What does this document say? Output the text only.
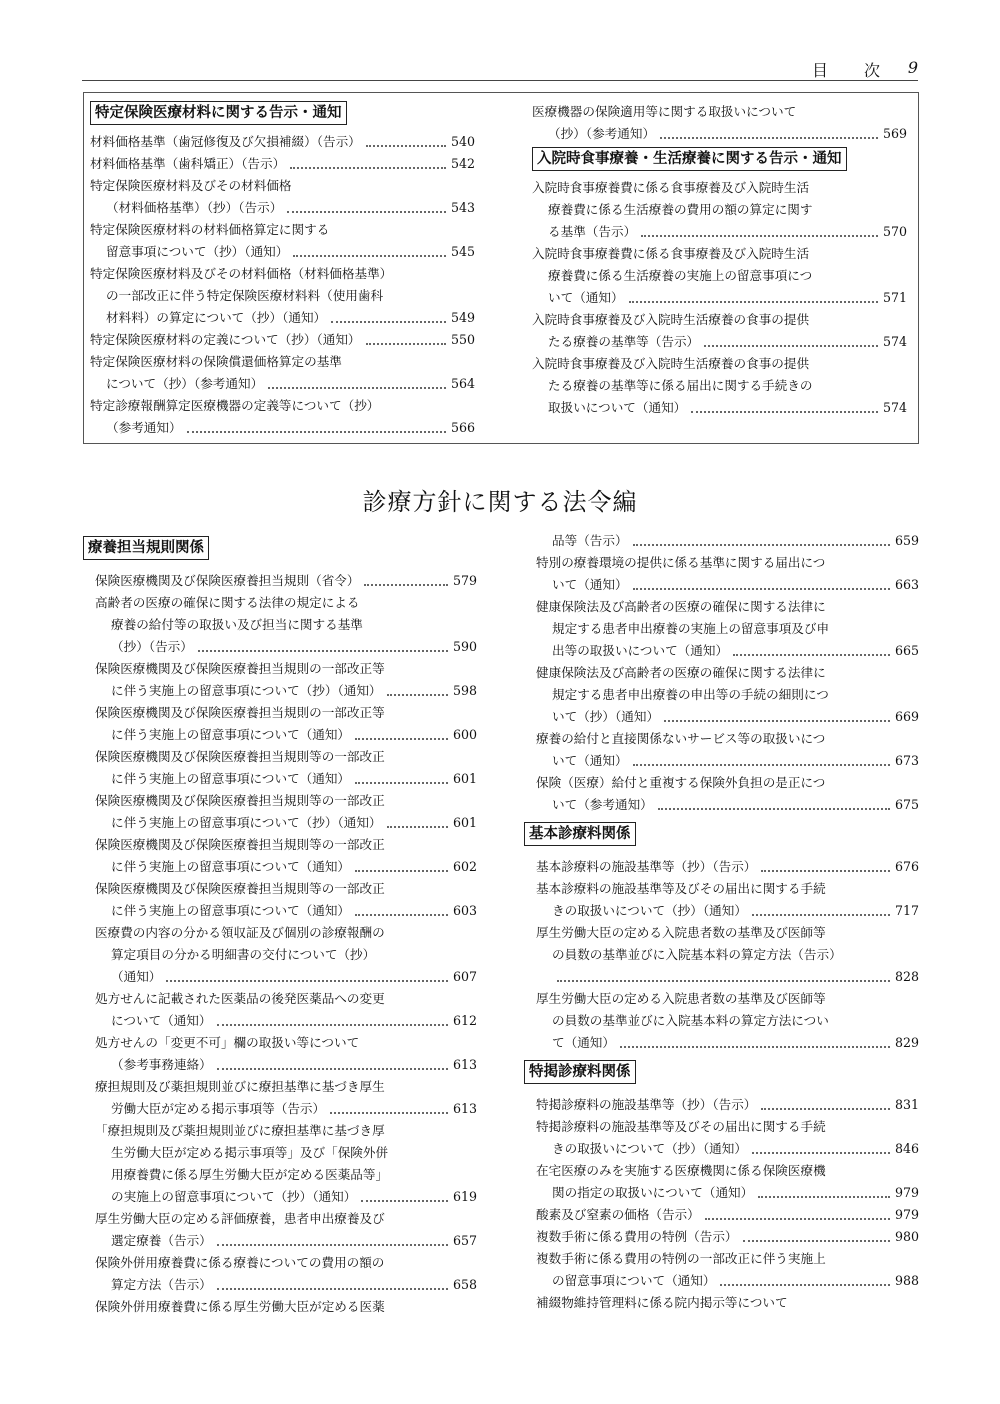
目　次 9
特定保険医療材料に関する告示・通知

材料価格基準（歯冠修復及び欠損補綴）（告示）	540
材料価格基準（歯科矯正）（告示）	542
特定保険医療材料及びその材料価格
（材料価格基準）（抄）（告示）	543
特定保険医療材料の材料価格算定に関する
留意事項について（抄）（通知）	545
特定保険医療材料及びその材料価格（材料価格基準）
の一部改正に伴う特定保険医療材料料（使用歯科
材料料）の算定について（抄）（通知）	549
特定保険医療材料の定義について（抄）（通知）	550
特定保険医療材料の保険償還価格算定の基準
について（抄）（参考通知）	564
特定診療報酬算定医療機器の定義等について（抄）
（参考通知）	566
医療機器の保険適用等に関する取扱いについて
（抄）（参考通知）	569
入院時食事療養・生活療養に関する告示・通知

入院時食事療養費に係る食事療養及び入院時生活
療養費に係る生活療養の費用の額の算定に関す
る基準（告示）	570
入院時食事療養費に係る食事療養及び入院時生活
療養費に係る生活療養の実施上の留意事項につ
いて（通知）	571
入院時食事療養及び入院時生活療養の食事の提供
たる療養の基準等（告示）	574
入院時食事療養及び入院時生活療養の食事の提供
たる療養の基準等に係る届出に関する手続きの
取扱いについて（通知）	574
診療方針に関する法令編
療養担当規則関係

保険医療機関及び保険医療養担当規則（省令）	579
高齢者の医療の確保に関する法律の規定による
療養の給付等の取扱い及び担当に関する基準
（抄）（告示）	590
保険医療機関及び保険医療養担当規則の一部改正等
に伴う実施上の留意事項について（抄）（通知）	598
保険医療機関及び保険医療養担当規則の一部改正等
に伴う実施上の留意事項について（通知）	600
保険医療機関及び保険医療養担当規則等の一部改正
に伴う実施上の留意事項について（通知）	601
保険医療機関及び保険医療養担当規則等の一部改正
に伴う実施上の留意事項について（抄）（通知）	601
保険医療機関及び保険医療養担当規則等の一部改正
に伴う実施上の留意事項について（通知）	602
保険医療機関及び保険医療養担当規則等の一部改正
に伴う実施上の留意事項について（通知）	603
医療費の内容の分かる領収証及び個別の診療報酬の
算定項目の分かる明細書の交付について（抄）
（通知）	607
処方せんに記載された医薬品の後発医薬品への変更
について（通知）	612
処方せんの「変更不可」欄の取扱い等について
（参考事務連絡）	613
療担規則及び薬担規則並びに療担基準に基づき厚生
労働大臣が定める掲示事項等（告示）	613
「療担規則及び薬担規則並びに療担基準に基づき厚
生労働大臣が定める掲示事項等」及び「保険外併
用療養費に係る厚生労働大臣が定める医薬品等」
の実施上の留意事項について（抄）（通知）	619
厚生労働大臣の定める評価療養，患者申出療養及び
選定療養（告示）	657
保険外併用療養費に係る療養についての費用の額の
算定方法（告示）	658
保険外併用療養費に係る厚生労働大臣が定める医薬
品等（告示）	659
特別の療養環境の提供に係る基準に関する届出につ
いて（通知）	663
健康保険法及び高齢者の医療の確保に関する法律に
規定する患者申出療養の実施上の留意事項及び申
出等の取扱いについて（通知）	665
健康保険法及び高齢者の医療の確保に関する法律に
規定する患者申出療養の申出等の手続の細則につ
いて（抄）（通知）	669
療養の給付と直接関係ないサービス等の取扱いにつ
いて（通知）	673
保険（医療）給付と重複する保険外負担の是正につ
いて（参考通知）	675
基本診療料関係

基本診療料の施設基準等（抄）（告示）	676
基本診療料の施設基準等及びその届出に関する手続
きの取扱いについて（抄）（通知）	717
厚生労働大臣の定める入院患者数の基準及び医師等
の員数の基準並びに入院基本料の算定方法（告示）
828
厚生労働大臣の定める入院患者数の基準及び医師等
の員数の基準並びに入院基本料の算定方法につい
て（通知）	829
特掲診療料関係

特掲診療料の施設基準等（抄）（告示）	831
特掲診療料の施設基準等及びその届出に関する手続
きの取扱いについて（抄）（通知）	846
在宅医療のみを実施する医療機関に係る保険医療機
関の指定の取扱いについて（通知）	979
酸素及び窒素の価格（告示）	979
複数手術に係る費用の特例（告示）	980
複数手術に係る費用の特例の一部改正に伴う実施上
の留意事項について（通知）	988
補綴物維持管理料に係る院内掲示等について
